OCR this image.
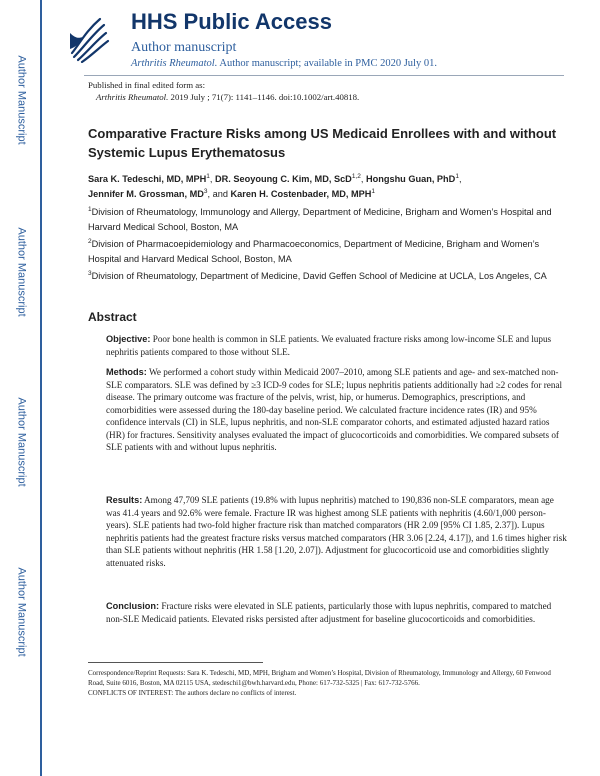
Author Manuscript
Author Manuscript
Author Manuscript
Author Manuscript
HHS Public Access
Author manuscript
Arthritis Rheumatol. Author manuscript; available in PMC 2020 July 01.
Published in final edited form as:
Arthritis Rheumatol. 2019 July ; 71(7): 1141–1146. doi:10.1002/art.40818.
Comparative Fracture Risks among US Medicaid Enrollees with and without Systemic Lupus Erythematosus
Sara K. Tedeschi, MD, MPH$^1$, DR. Seoyoung C. Kim, MD, ScD$^{1,2}$, Hongshu Guan, PhD$^1$,
Jennifer M. Grossman, $MD^3$, and Karen H. Costenbader, MD, MPH$^1$
$^1$Division of Rheumatology, Immunology and Allergy, Department of Medicine, Brigham and Women’s Hospital and Harvard Medical School, Boston, MA
$^2$Division of Pharmacoepidemiology and Pharmacoeconomics, Department of Medicine, Brigham and Women’s Hospital and Harvard Medical School, Boston, MA
$^3$Division of Rheumatology, Department of Medicine, David Geffen School of Medicine at UCLA, Los Angeles, CA
Abstract
Objective: Poor bone health is common in SLE patients. We evaluated fracture risks among low-income SLE and lupus nephritis patients compared to those without SLE.
Methods: We performed a cohort study within Medicaid 2007–2010, among SLE patients and age- and sex-matched non-SLE comparators. SLE was defined by ≥3 ICD-9 codes for SLE; lupus nephritis patients additionally had ≥2 codes for renal disease. The primary outcome was fracture of the pelvis, wrist, hip, or humerus. Demographics, prescriptions, and comorbidities were assessed during the 180-day baseline period. We calculated fracture incidence rates (IR) and 95% confidence intervals (CI) in SLE, lupus nephritis, and non-SLE comparator cohorts, and estimated adjusted hazard ratios (HR) for fractures. Sensitivity analyses evaluated the impact of glucocorticoids and comorbidities. We compared subsets of SLE patients with and without lupus nephritis.
Results: Among 47,709 SLE patients (19.8% with lupus nephritis) matched to 190,836 non-SLE comparators, mean age was 41.4 years and 92.6% were female. Fracture IR was highest among SLE patients with nephritis (4.60/1,000 person-years). SLE patients had two-fold higher fracture risk than matched comparators (HR 2.09 [95% CI 1.85, 2.37]). Lupus nephritis patients had the greatest fracture risks versus matched comparators (HR 3.06 [2.24, 4.17]), and 1.6 times higher risk than SLE patients without nephritis (HR 1.58 [1.20, 2.07]). Adjustment for glucocorticoid use and comorbidities slightly attenuated risks.
Conclusion: Fracture risks were elevated in SLE patients, particularly those with lupus nephritis, compared to matched non-SLE Medicaid patients. Elevated risks persisted after adjustment for baseline glucocorticoids and comorbidities.
Correspondence/Reprint Requests: Sara K. Tedeschi, MD, MPH, Brigham and Women’s Hospital, Division of Rheumatology, Immunology and Allergy, 60 Fenwood Road, Suite 6016, Boston, MA 02115 USA, stedeschi1@bwh.harvard.edu, Phone: 617-732-5325 | Fax: 617-732-5766.
CONFLICTS OF INTEREST: The authors declare no conflicts of interest.
